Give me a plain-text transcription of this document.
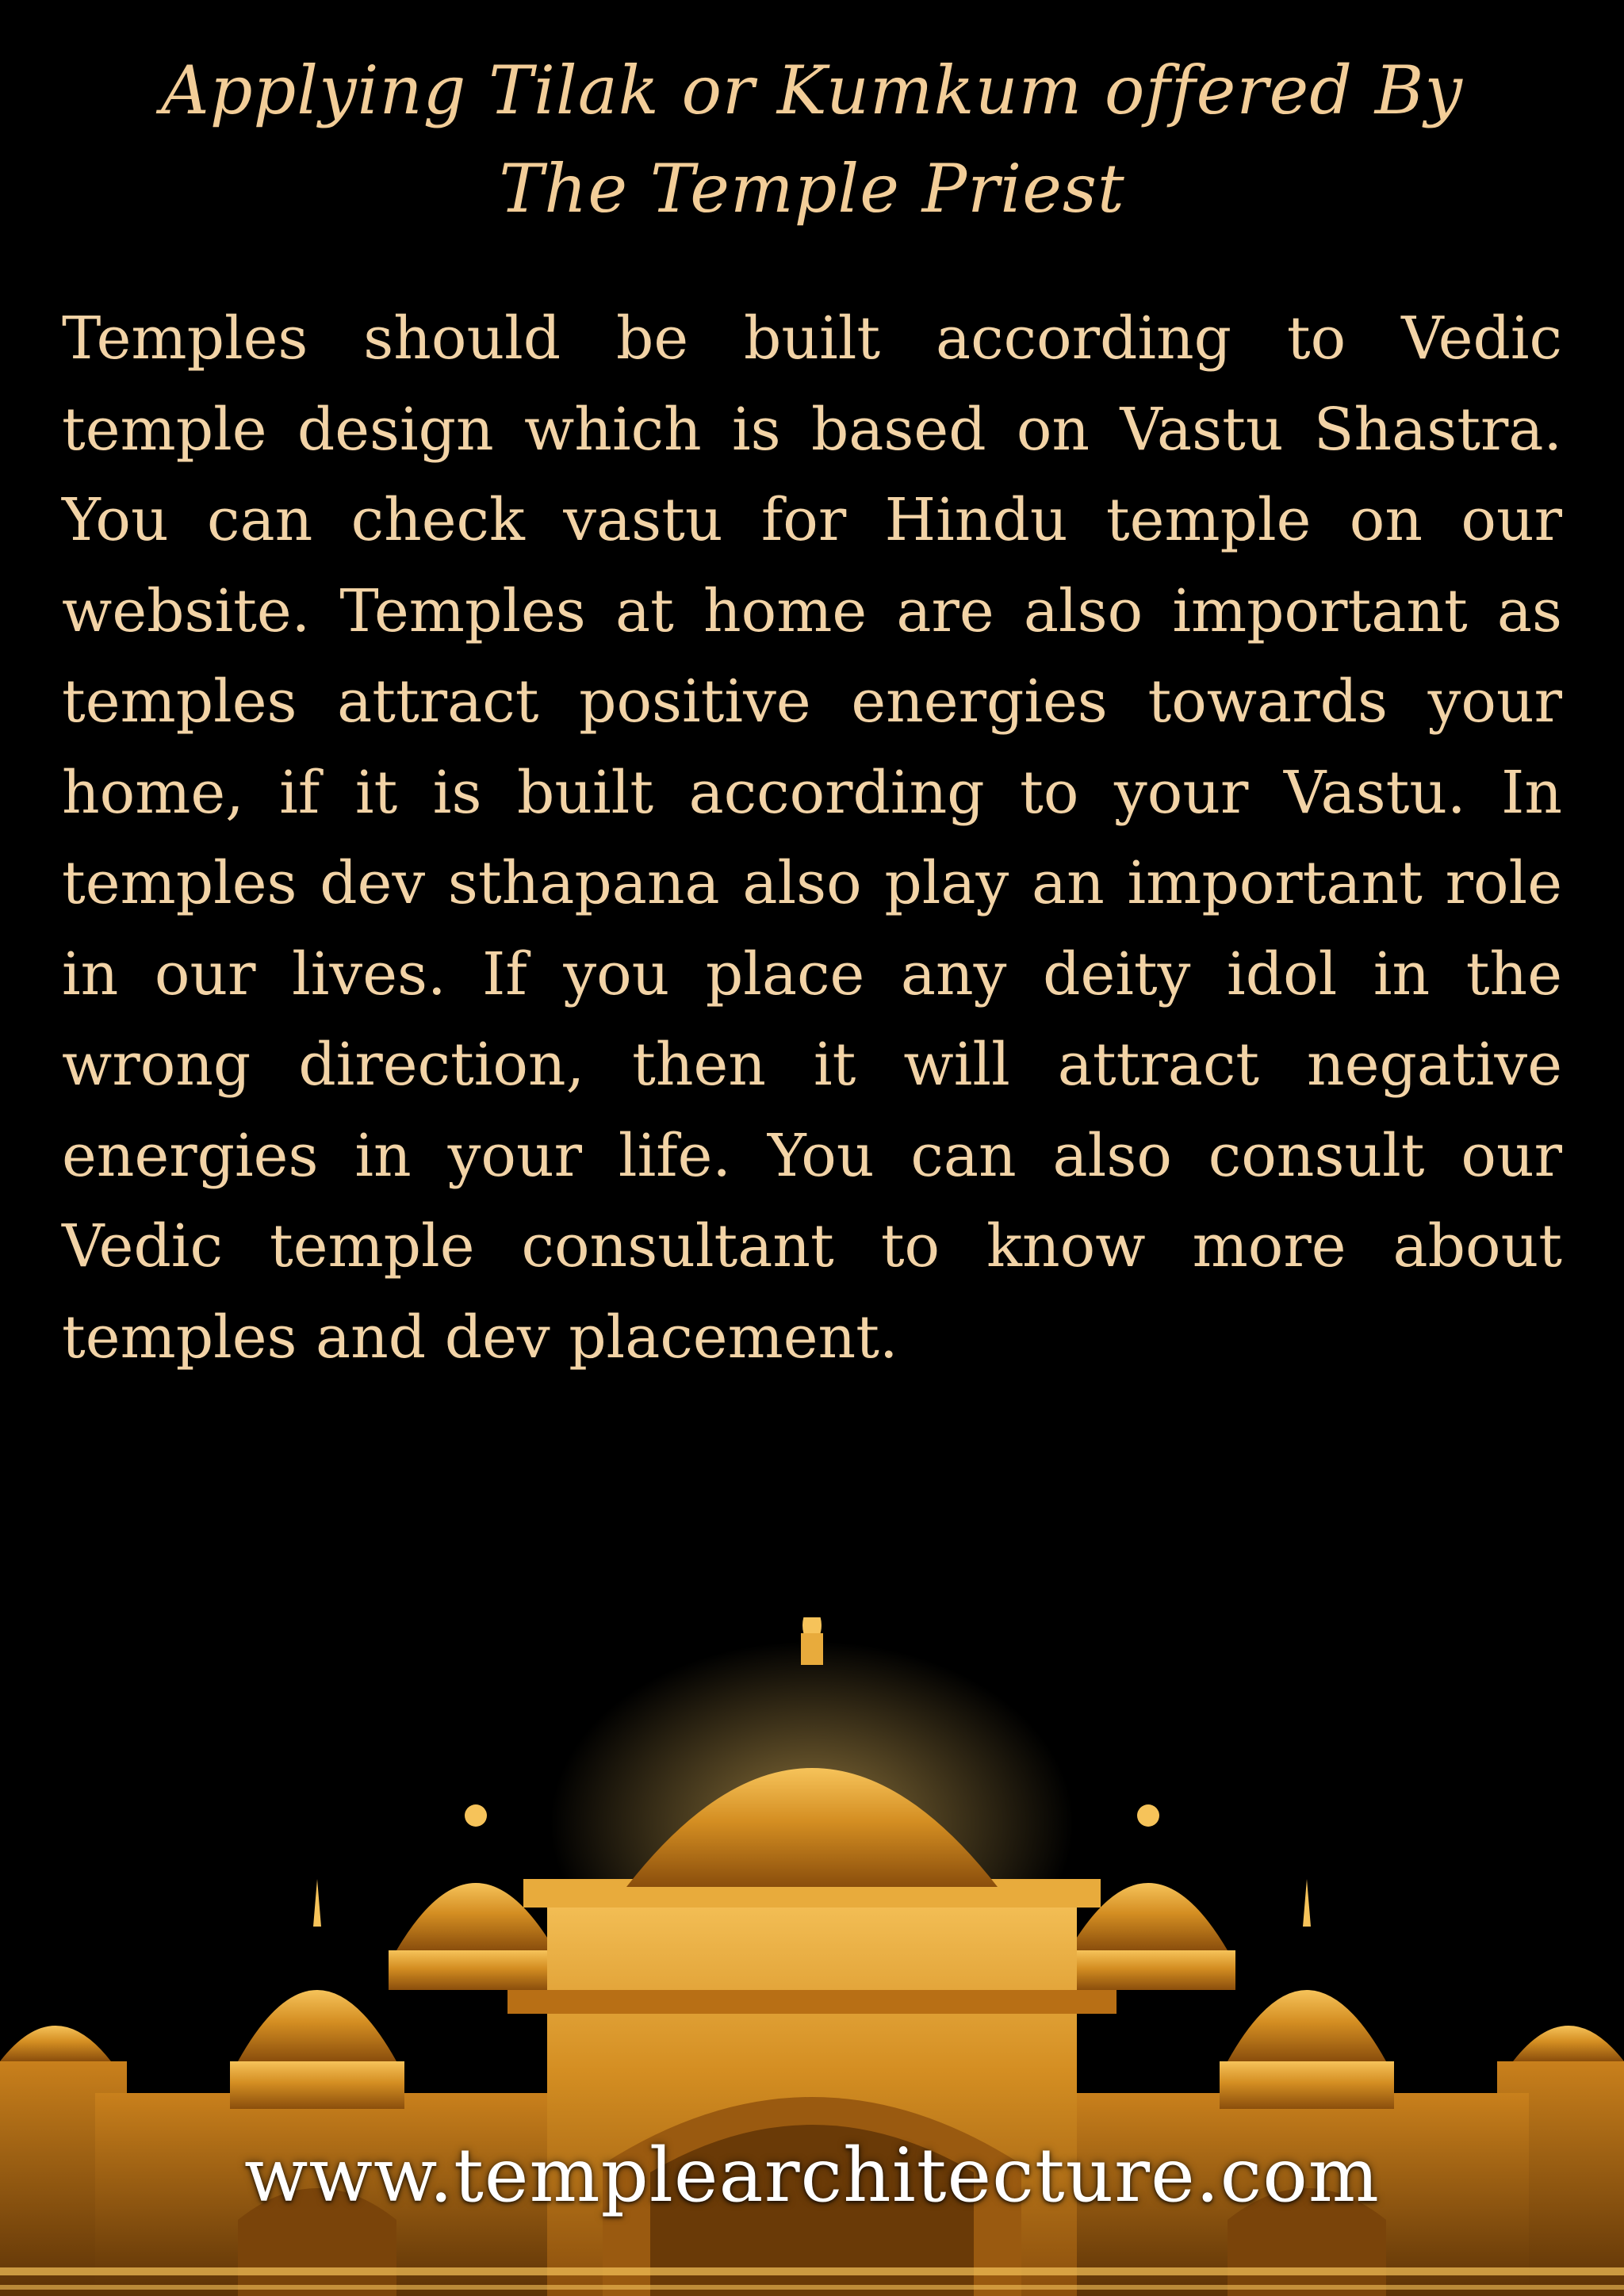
Applying Tilak or Kumkum offered By
The Temple Priest

Temples should be built according to Vedic temple design which is based on Vastu Shastra. You can check vastu for Hindu temple on our website. Temples at home are also important as temples attract positive energies towards your home, if it is built according to your Vastu. In temples dev sthapana also play an important role in our lives. If you place any deity idol in the wrong direction, then it will attract negative energies in your life. You can also consult our Vedic temple consultant to know more about temples and dev placement.

www.templearchitecture.com
